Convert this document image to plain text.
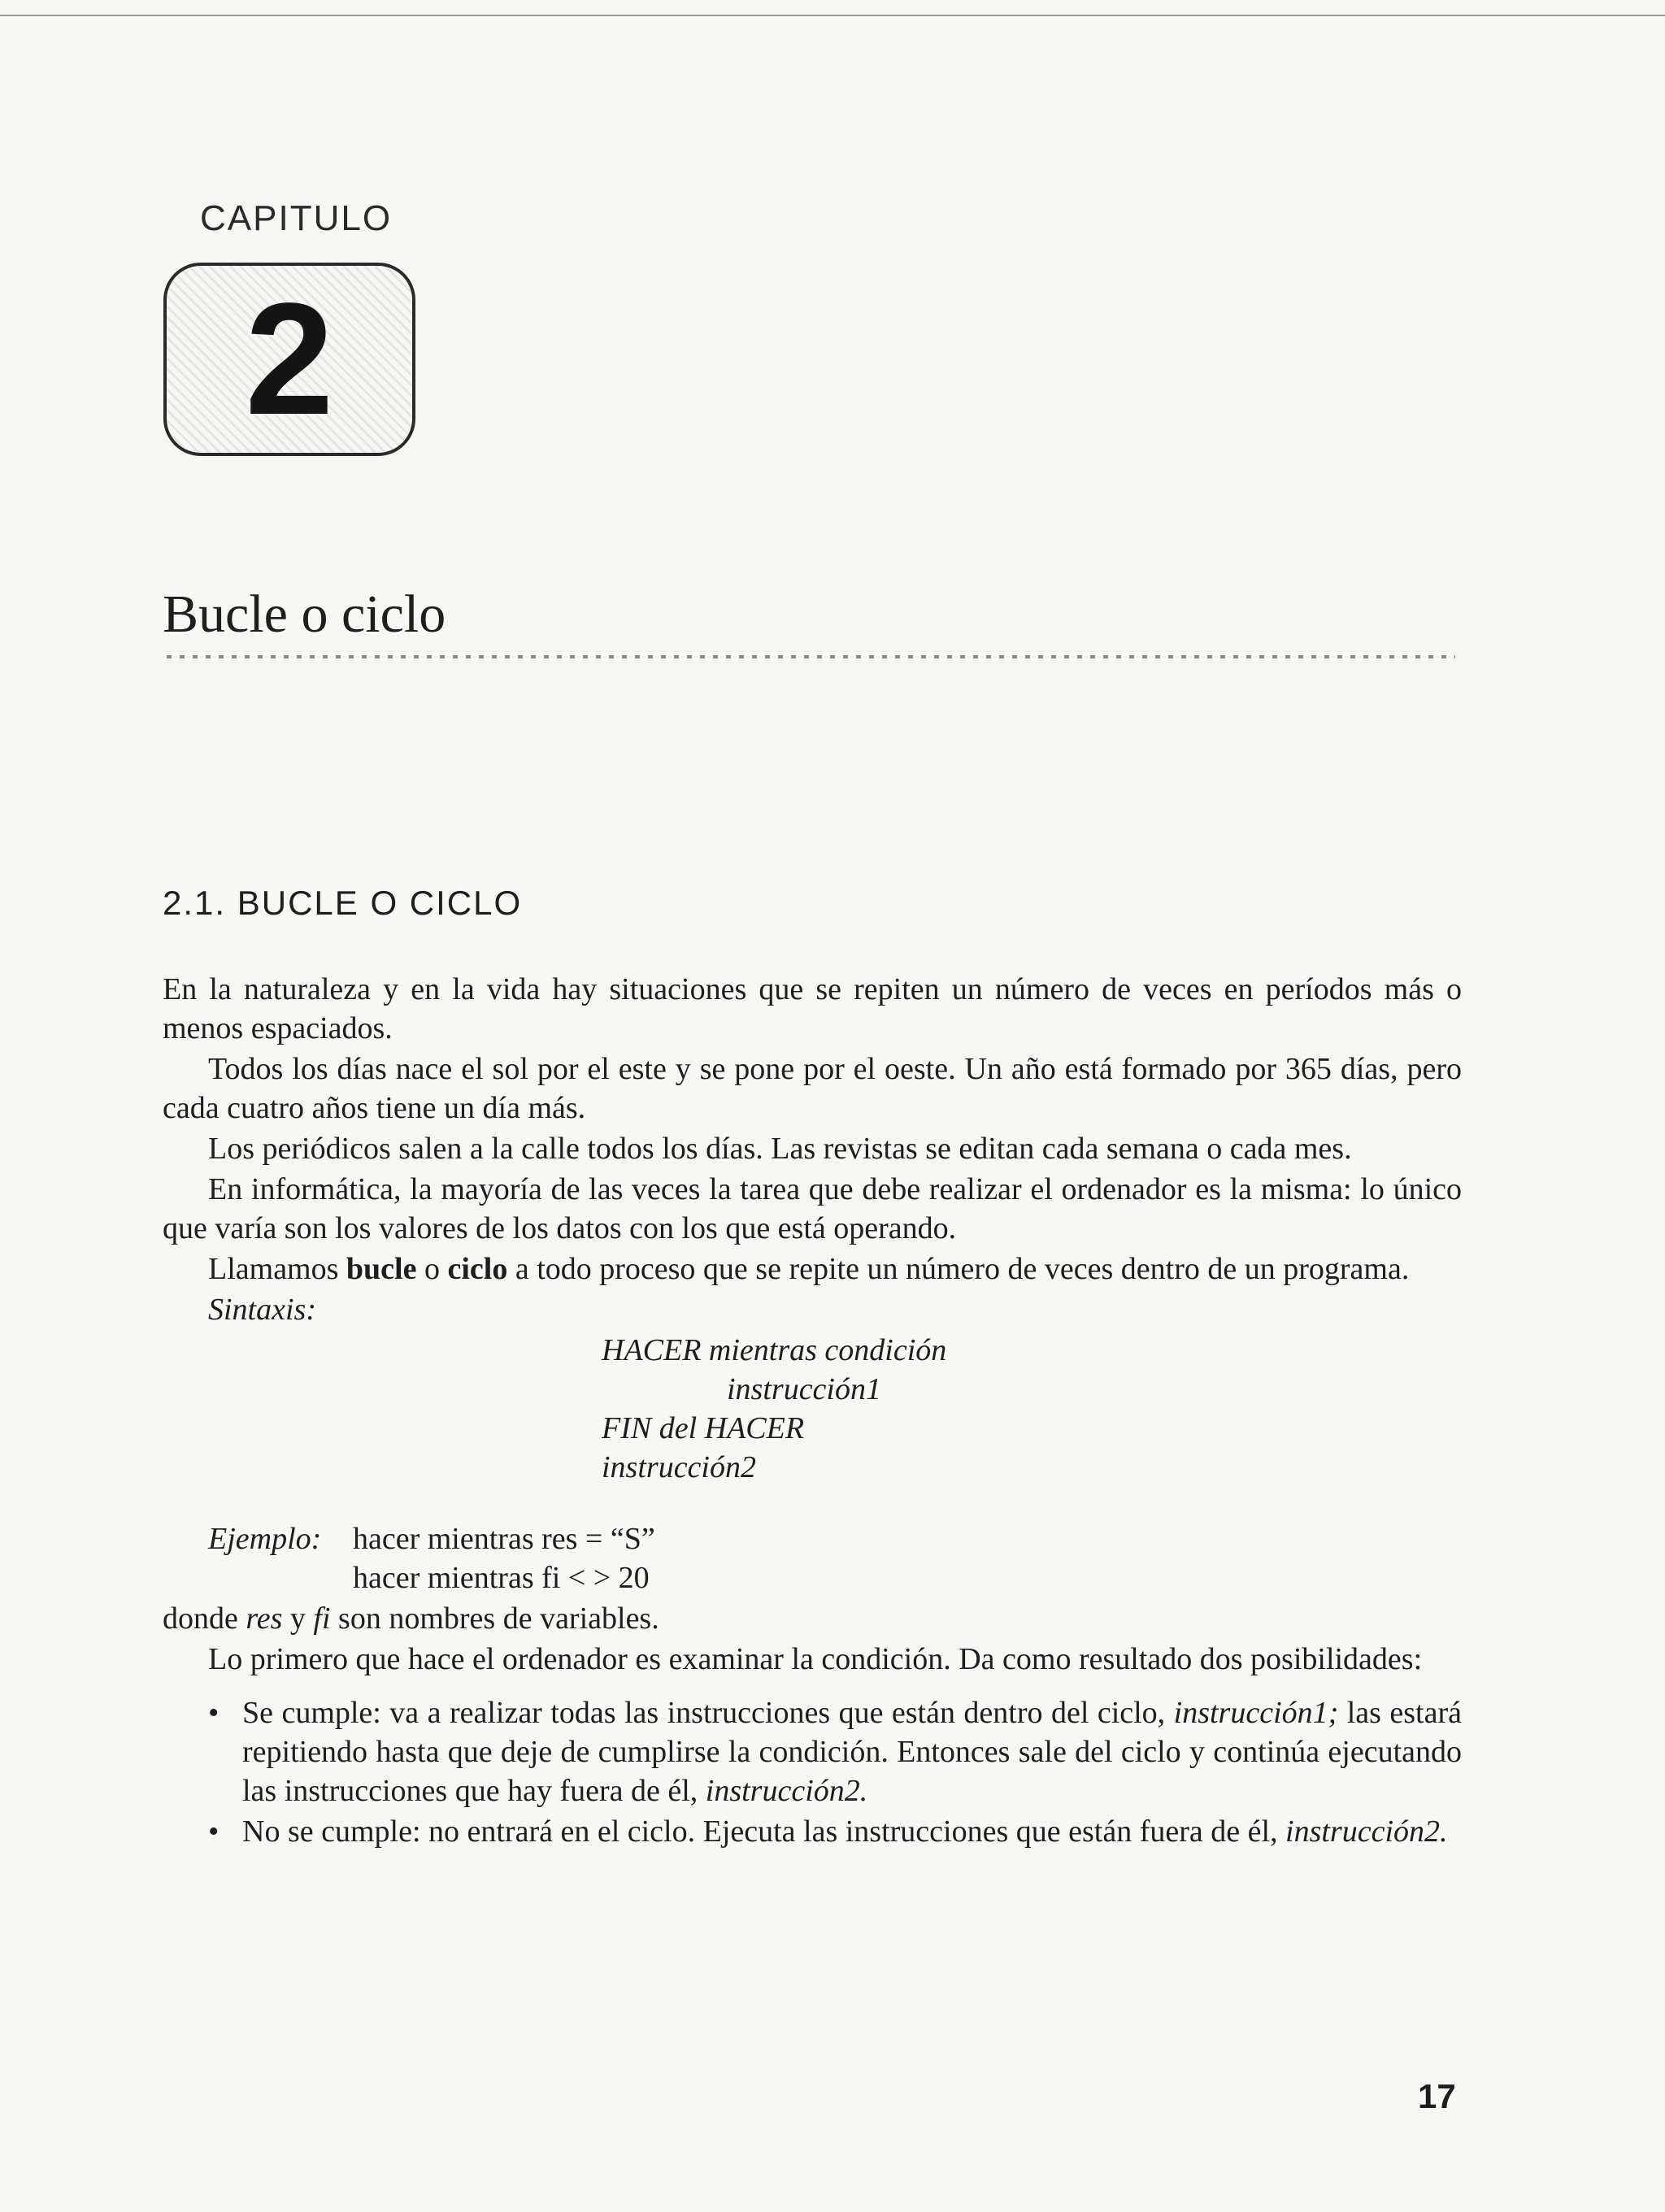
CAPITULO
2
Bucle o ciclo
2.1. BUCLE O CICLO

En la naturaleza y en la vida hay situaciones que se repiten un número de veces en períodos más o menos espaciados.

Todos los días nace el sol por el este y se pone por el oeste. Un año está formado por 365 días, pero cada cuatro años tiene un día más.

Los periódicos salen a la calle todos los días. Las revistas se editan cada semana o cada mes.

En informática, la mayoría de las veces la tarea que debe realizar el ordenador es la misma: lo único que varía son los valores de los datos con los que está operando.

Llamamos bucle o ciclo a todo proceso que se repite un número de veces dentro de un programa.

Sintaxis:

HACER mientras condición
instrucción1
FIN del HACER
instrucción2
Ejemplo: hacer mientras res = “S”
hacer mientras fi < > 20

donde res y fi son nombres de variables.

Lo primero que hace el ordenador es examinar la condición. Da como resultado dos posibilidades:

• Se cumple: va a realizar todas las instrucciones que están dentro del ciclo, instrucción1; las estará repitiendo hasta que deje de cumplirse la condición. Entonces sale del ciclo y continúa ejecutando las instrucciones que hay fuera de él, instrucción2.
• No se cumple: no entrará en el ciclo. Ejecuta las instrucciones que están fuera de él, instrucción2.
17
